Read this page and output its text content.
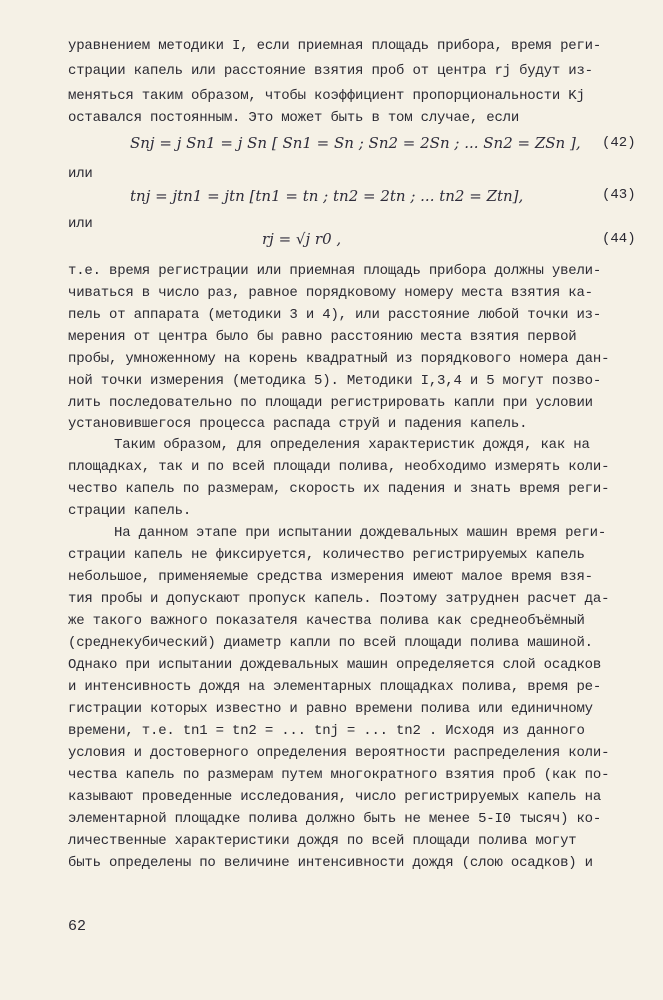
уравнением методики I, если приемная площадь прибора, время реги-
страции капель или расстояние взятия проб от центра rj будут из-
меняться таким образом, чтобы коэффициент пропорциональности Kj
оставался постоянным. Это может быть в том случае, если
Snj = j Sn1 = j Sn [ Sn1 = Sn ; Sn2 = 2Sn ; ... Sn2 = ZSn ], (42)
или
tnj = jtn1 = jtn [tn1 = tn ; tn2 = 2tn ; ... tn2 = Ztn],	(43)
или
rj = √j r0 ,	(44)
т.е. время регистрации или приемная площадь прибора должны увели-
чиваться в число раз, равное порядковому номеру места взятия ка-
пель от аппарата (методики 3 и 4), или расстояние любой точки из-
мерения от центра было бы равно расстоянию места взятия первой
пробы, умноженному на корень квадратный из порядкового номера дан-
ной точки измерения (методика 5). Методики I,3,4 и 5 могут позво-
лить последовательно по площади регистрировать капли при условии
установившегося процесса распада струй и падения капель.
Таким образом, для определения характеристик дождя, как на
площадках, так и по всей площади полива, необходимо измерять коли-
чество капель по размерам, скорость их падения и знать время реги-
страции капель.
На данном этапе при испытании дождевальных машин время реги-
страции капель не фиксируется, количество регистрируемых капель
небольшое, применяемые средства измерения имеют малое время взя-
тия пробы и допускают пропуск капель. Поэтому затруднен расчет да-
же такого важного показателя качества полива как среднеобъёмный
(среднекубический) диаметр капли по всей площади полива машиной.
Однако при испытании дождевальных машин определяется слой осадков
и интенсивность дождя на элементарных площадках полива, время ре-
гистрации которых известно и равно времени полива или единичному
времени, т.е. tn1 = tn2 = ... tnj = ... tn2 . Исходя из данного
условия и достоверного определения вероятности распределения коли-
чества капель по размерам путем многократного взятия проб (как по-
казывают проведенные исследования, число регистрируемых капель на
элементарной площадке полива должно быть не менее 5-I0 тысяч) ко-
личественные характеристики дождя по всей площади полива могут
быть определены по величине интенсивности дождя (слою осадков) и
62
